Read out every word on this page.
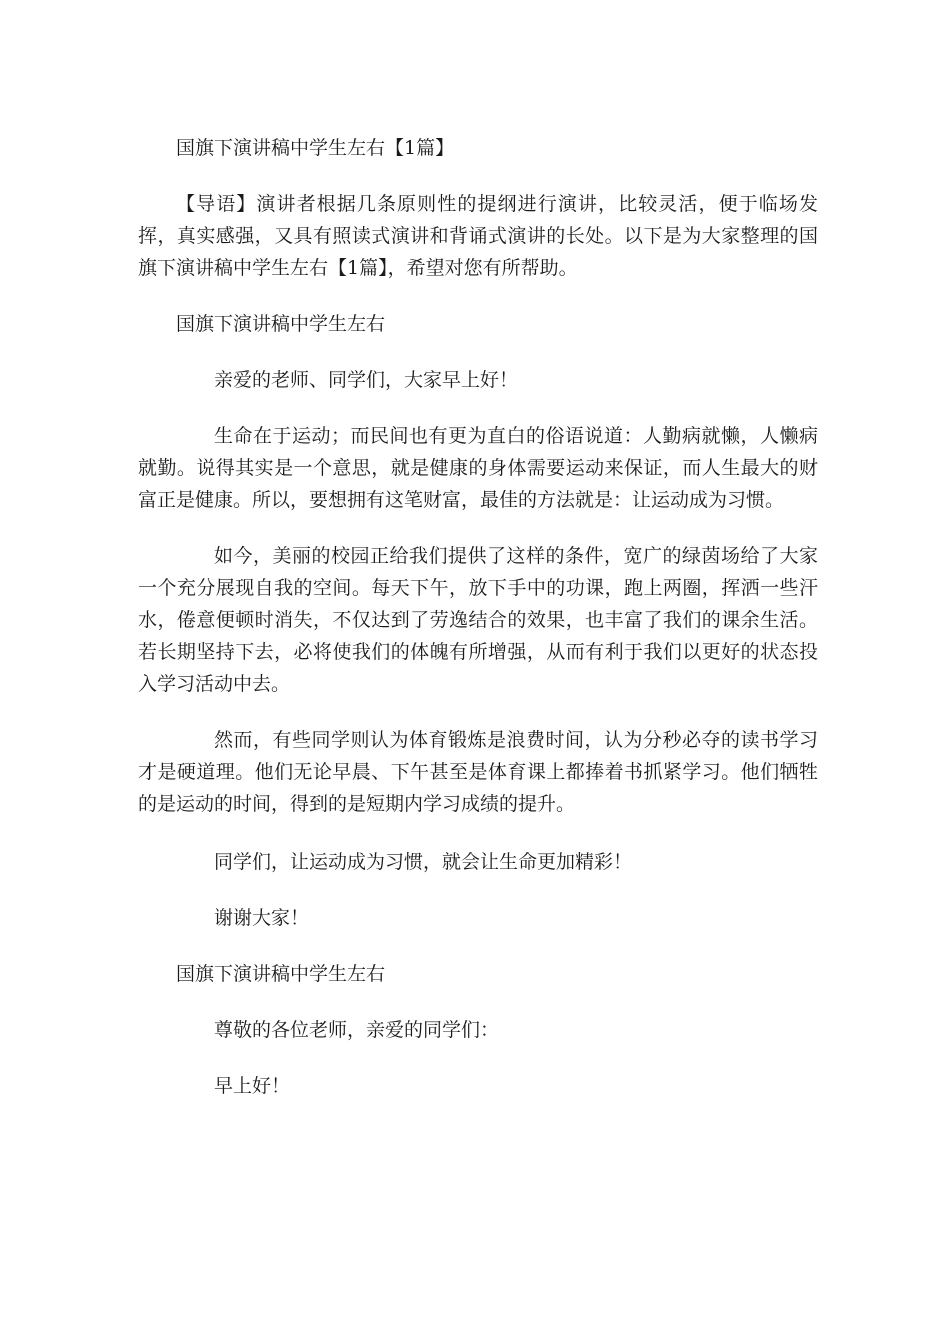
国旗下演讲稿中学生左右【1篇】
【导语】演讲者根据几条原则性的提纲进行演讲，比较灵活，便于临场发挥，真实感强，又具有照读式演讲和背诵式演讲的长处。以下是为大家整理的国旗下演讲稿中学生左右【1篇】，希望对您有所帮助。
国旗下演讲稿中学生左右
亲爱的老师、同学们，大家早上好！
生命在于运动；而民间也有更为直白的俗语说道：人勤病就懒，人懒病就勤。说得其实是一个意思，就是健康的身体需要运动来保证，而人生最大的财富正是健康。所以，要想拥有这笔财富，最佳的方法就是：让运动成为习惯。
如今，美丽的校园正给我们提供了这样的条件，宽广的绿茵场给了大家一个充分展现自我的空间。每天下午，放下手中的功课，跑上两圈，挥洒一些汗水，倦意便顿时消失，不仅达到了劳逸结合的效果，也丰富了我们的课余生活。若长期坚持下去，必将使我们的体魄有所增强，从而有利于我们以更好的状态投入学习活动中去。
然而，有些同学则认为体育锻炼是浪费时间，认为分秒必夺的读书学习才是硬道理。他们无论早晨、下午甚至是体育课上都捧着书抓紧学习。他们牺牲的是运动的时间，得到的是短期内学习成绩的提升。
同学们，让运动成为习惯，就会让生命更加精彩！
谢谢大家！
国旗下演讲稿中学生左右
尊敬的各位老师，亲爱的同学们：
早上好！
